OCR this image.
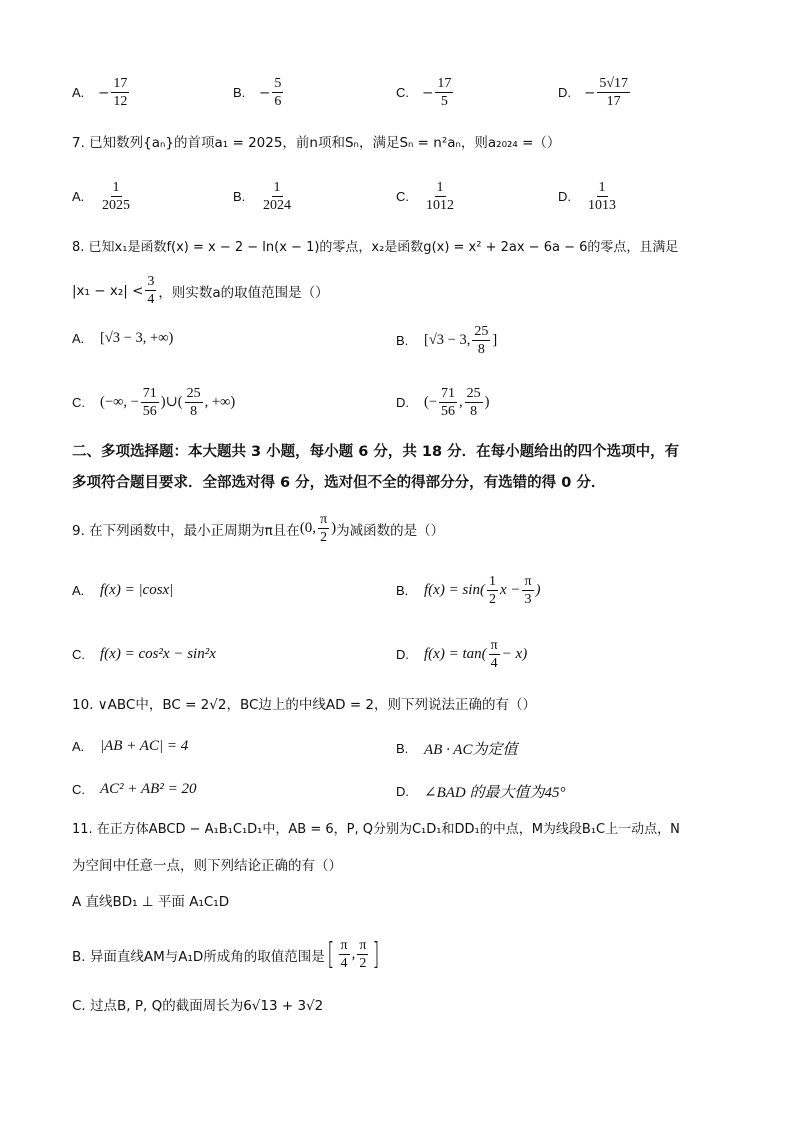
A.	− $\frac{17}{12}$	B.	− $\frac{5}{6}$	C. − $\frac{17}{5}$	D. − $\frac{5√17}{17}$
7. 已知数列{aₙ}的首项a₁ = 2025，前n项和Sₙ，满足Sₙ = n²aₙ，则a₂₀₂₄ =（）
A.	$\frac{1}{2025}$	B.	$\frac{1}{2024}$	C.	$\frac{1}{1012}$	D.	$\frac{1}{1013}$
8. 已知x₁是函数f(x) = x − 2 − ln(x − 1)的零点，x₂是函数g(x) = x² + 2ax − 6a − 6的零点，且满足
$|x_1 - x_2| < \frac{3}{4}$ ，则实数a的取值范围是（）
A.	[√3 − 3, +∞)	B.	[√3 − 3, $\frac{25}{8}$ ]
C.	(−∞, − $\frac{71}{56}$ )∪( $\frac{25}{8}$ , +∞)	D.	(− $\frac{71}{56}$ , $\frac{25}{8}$ )
二、多项选择题：本大题共 3 小题，每小题 6 分，共 18 分．在每小题给出的四个选项中，有
多项符合题目要求．全部选对得 6 分，选对但不全的得部分分，有选错的得 0 分．
9. 在下列函数中，最小正周期为π且在 (0, $\frac{\pi}{2}$ ) 为减函数的是（）
A.	f(x) = |cosx|	B.	$f(x) = \sin( \frac{1}{2}$ $x - \frac{\pi}{3}$ )
C.	f(x) = cos²x − sin²x	D.	$f(x) = \tan( \frac{\pi}{4} - x)$
10. ∨ABC中，BC = 2√2，BC边上的中线AD = 2，则下列说法正确的有（）
A.	|AB + AC| = 4	B.	AB · AC为定值
C.	AC² + AB² = 20	D.	∠BAD 的最大值为45°
11. 在正方体ABCD − A₁B₁C₁D₁中，AB = 6，P, Q分别为C₁D₁和DD₁的中点，M为线段B₁C上一动点，N
为空间中任意一点，则下列结论正确的有（）
A 直线BD₁ ⊥ 平面 A₁C₁D
B. 异面直线AM与A₁D所成角的取值范围是 [ $\frac{\pi}{4}$ , $\frac{\pi}{2}$ ]
C. 过点B, P, Q的截面周长为6√13 + 3√2
